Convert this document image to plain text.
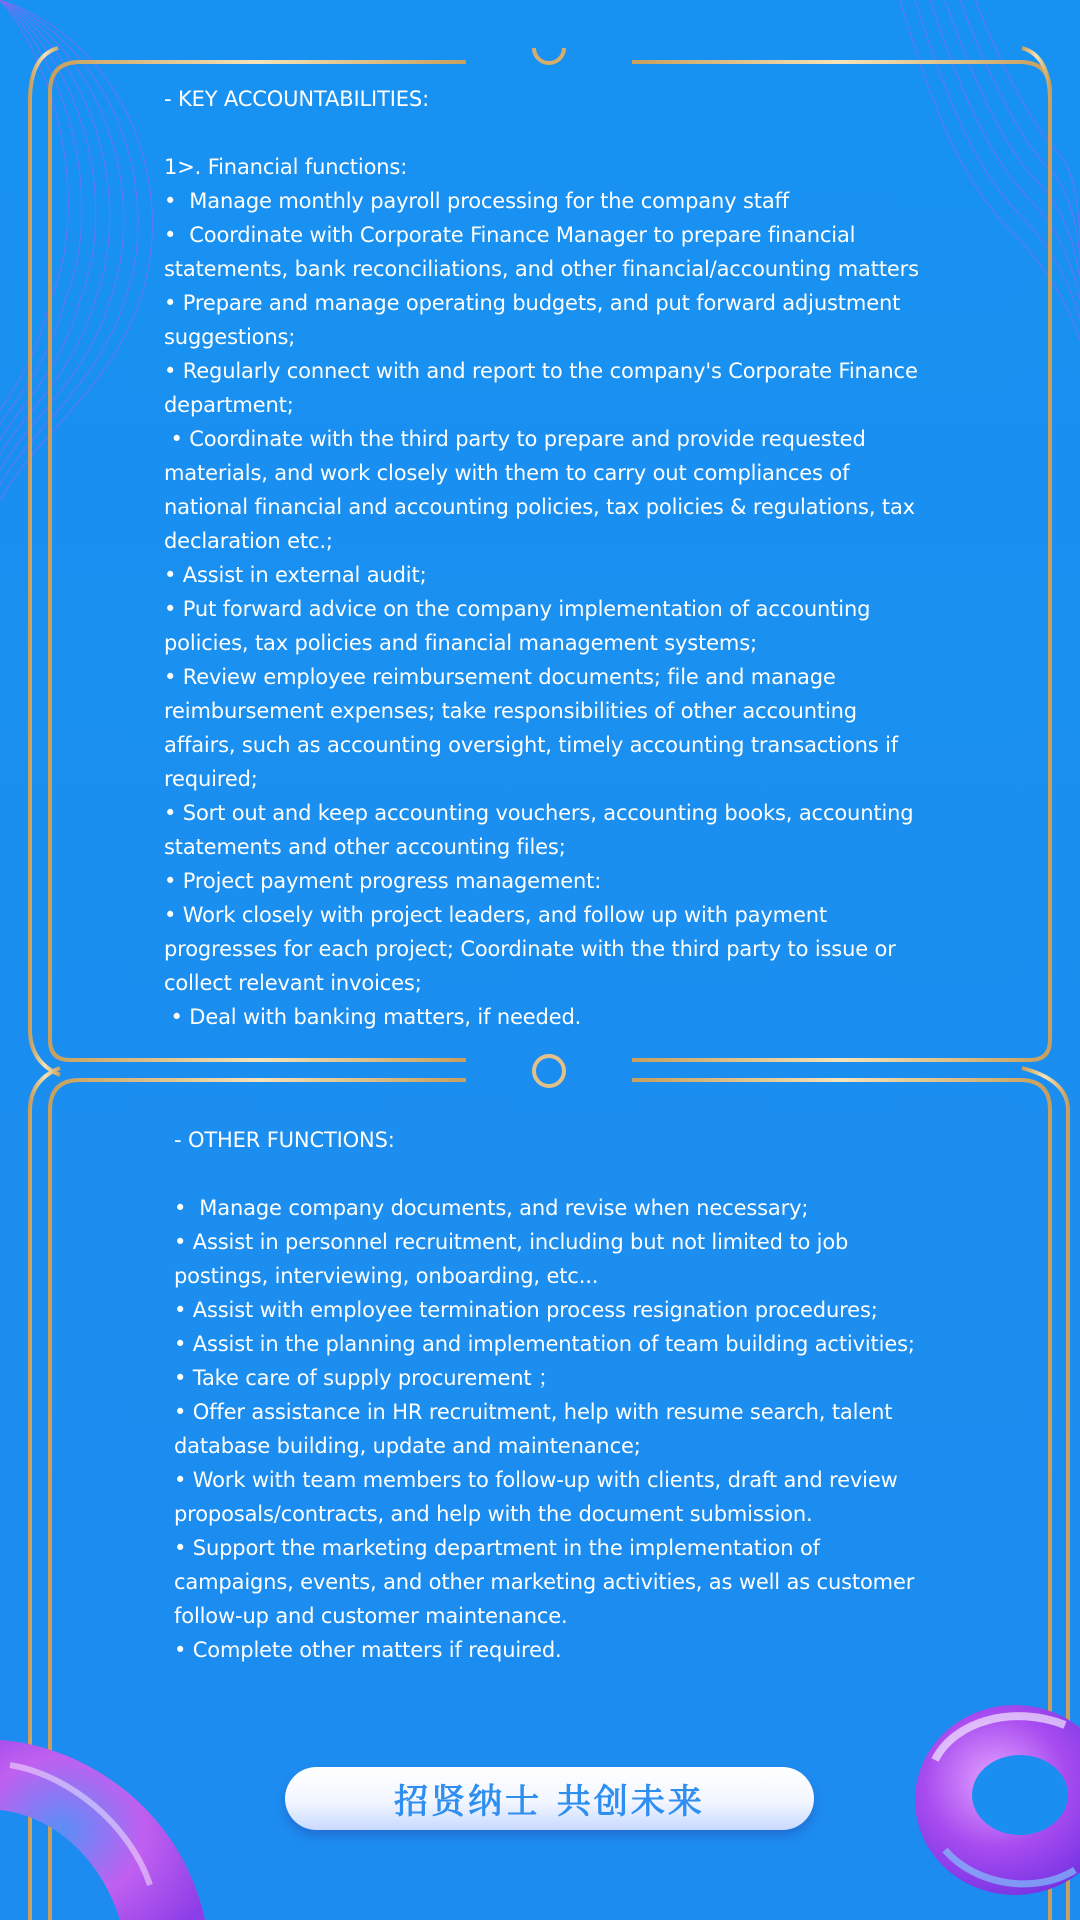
- KEY ACCOUNTABILITIES:

1>. Financial functions:

•  Manage monthly payroll processing for the company staff

•  Coordinate with Corporate Finance Manager to prepare financial statements, bank reconciliations, and other financial/accounting matters

• Prepare and manage operating budgets, and put forward adjustment suggestions;

• Regularly connect with and report to the company's Corporate Finance department;

• Coordinate with the third party to prepare and provide requested materials, and work closely with them to carry out compliances of national financial and accounting policies, tax policies & regulations, tax declaration etc.;

• Assist in external audit;

• Put forward advice on the company implementation of accounting policies, tax policies and financial management systems;

• Review employee reimbursement documents; file and manage reimbursement expenses; take responsibilities of other accounting affairs, such as accounting oversight, timely accounting transactions if required;

• Sort out and keep accounting vouchers, accounting books, accounting statements and other accounting files;

• Project payment progress management:

• Work closely with project leaders, and follow up with payment progresses for each project; Coordinate with the third party to issue or collect relevant invoices;

• Deal with banking matters, if needed.

- OTHER FUNCTIONS:

•  Manage company documents, and revise when necessary;

• Assist in personnel recruitment, including but not limited to job postings, interviewing, onboarding, etc...

• Assist with employee termination process resignation procedures;

• Assist in the planning and implementation of team building activities;

• Take care of supply procurement ；

• Offer assistance in HR recruitment, help with resume search, talent database building, update and maintenance;

• Work with team members to follow-up with clients, draft and review proposals/contracts, and help with the document submission.

• Support the marketing department in the implementation of campaigns, events, and other marketing activities, as well as customer follow-up and customer maintenance.

• Complete other matters if required.

招贤纳士 共创未来
